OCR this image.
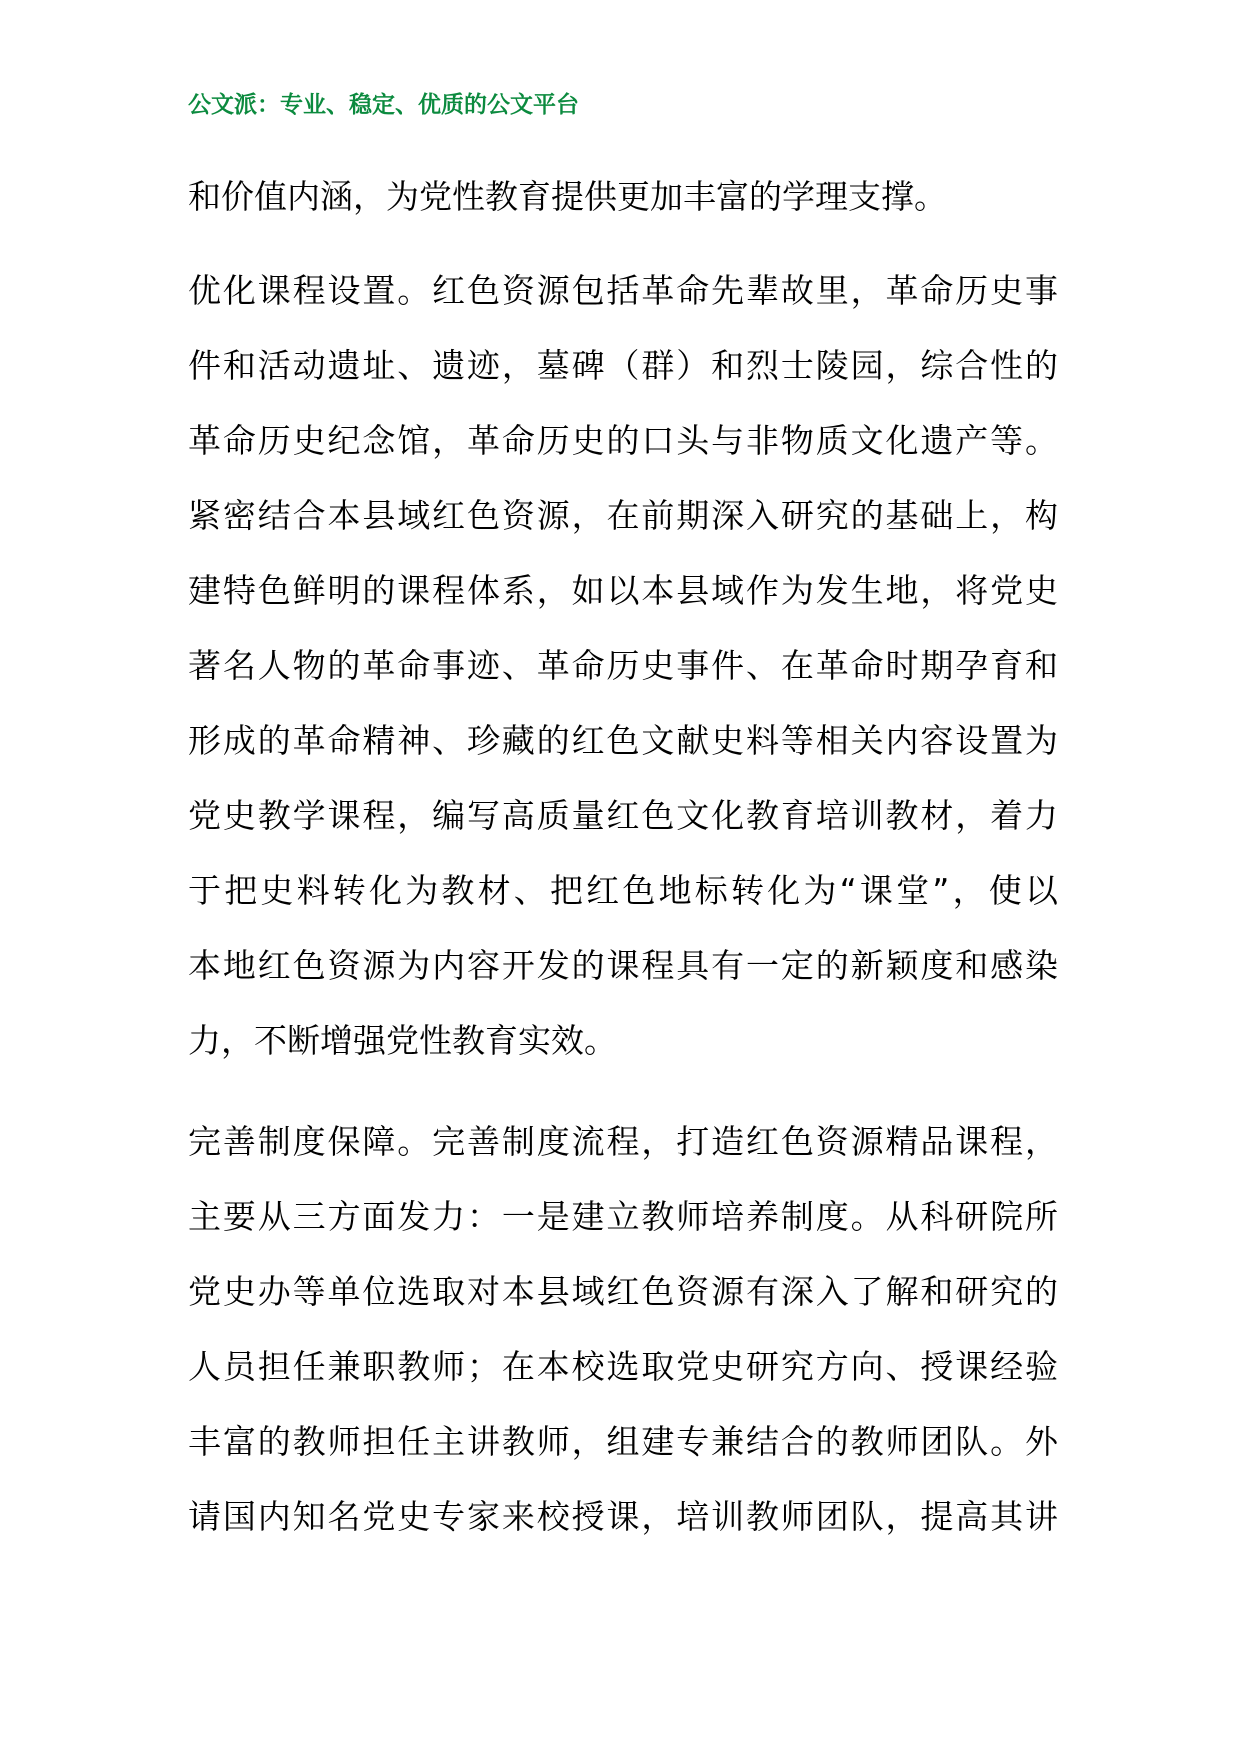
公文派：专业、稳定、优质的公文平台
和价值内涵，为党性教育提供更加丰富的学理支撑。
优化课程设置。红色资源包括革命先辈故里，革命历史事
件和活动遗址、遗迹，墓碑（群）和烈士陵园，综合性的
革命历史纪念馆，革命历史的口头与非物质文化遗产等。
紧密结合本县域红色资源，在前期深入研究的基础上，构
建特色鲜明的课程体系，如以本县域作为发生地，将党史
著名人物的革命事迹、革命历史事件、在革命时期孕育和
形成的革命精神、珍藏的红色文献史料等相关内容设置为
党史教学课程，编写高质量红色文化教育培训教材，着力
于把史料转化为教材、把红色地标转化为“课堂”，使以
本地红色资源为内容开发的课程具有一定的新颖度和感染
力，不断增强党性教育实效。
完善制度保障。完善制度流程，打造红色资源精品课程，
主要从三方面发力：一是建立教师培养制度。从科研院所
党史办等单位选取对本县域红色资源有深入了解和研究的
人员担任兼职教师；在本校选取党史研究方向、授课经验
丰富的教师担任主讲教师，组建专兼结合的教师团队。外
请国内知名党史专家来校授课，培训教师团队，提高其讲
